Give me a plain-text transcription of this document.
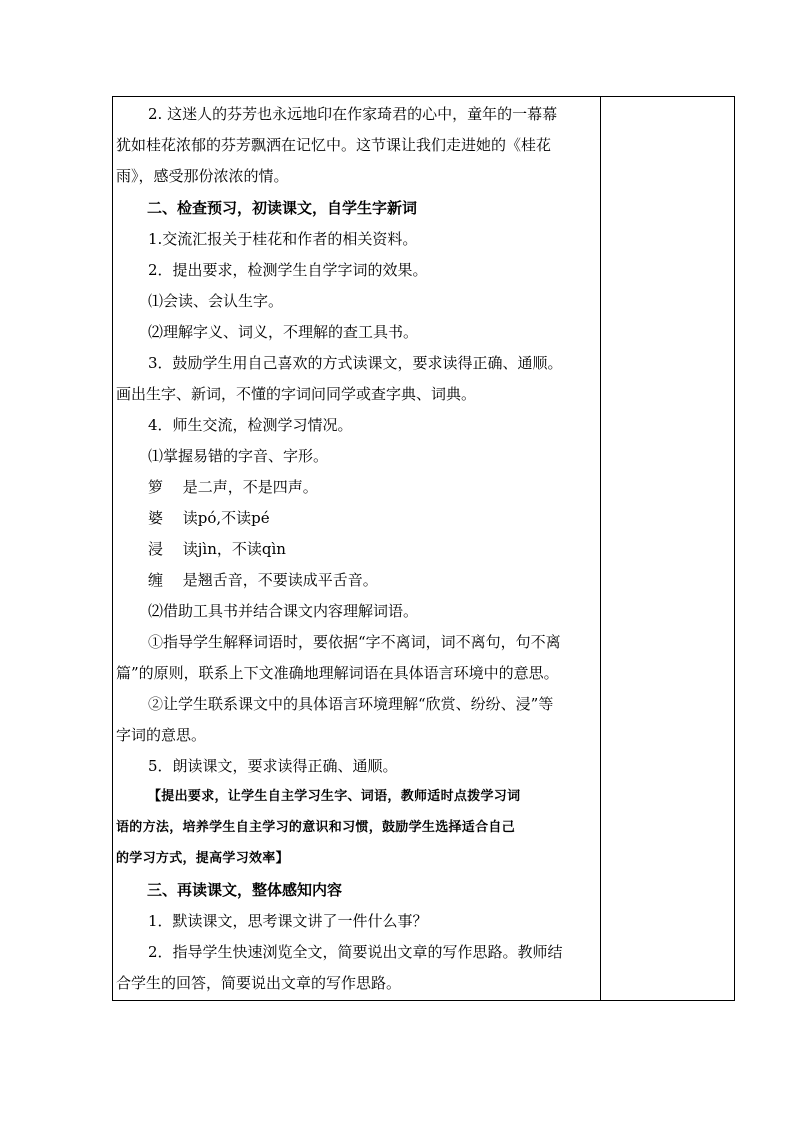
2. 这迷人的芬芳也永远地印在作家琦君的心中，童年的一幕幕
犹如桂花浓郁的芬芳飘洒在记忆中。这节课让我们走进她的《桂花
雨》，感受那份浓浓的情。
二、检查预习，初读课文，自学生字新词
1.交流汇报关于桂花和作者的相关资料。
2．提出要求，检测学生自学字词的效果。
⑴会读、会认生字。
⑵理解字义、词义，不理解的查工具书。
3．鼓励学生用自己喜欢的方式读课文，要求读得正确、通顺。
画出生字、新词，不懂的字词问同学或查字典、词典。
4．师生交流，检测学习情况。
⑴掌握易错的字音、字形。
箩　 是二声，不是四声。
婆　 读pó,不读pé
浸　 读jìn，不读qìn
缠　 是翘舌音，不要读成平舌音。
⑵借助工具书并结合课文内容理解词语。
①指导学生解释词语时，要依据“字不离词，词不离句，句不离
篇”的原则，联系上下文准确地理解词语在具体语言环境中的意思。
②让学生联系课文中的具体语言环境理解“欣赏、纷纷、浸”等
字词的意思。
5．朗读课文，要求读得正确、通顺。
【提出要求，让学生自主学习生字、词语，教师适时点拨学习词
语的方法，培养学生自主学习的意识和习惯，鼓励学生选择适合自己
的学习方式，提高学习效率】
三、再读课文，整体感知内容
1．默读课文，思考课文讲了一件什么事？
2．指导学生快速浏览全文，简要说出文章的写作思路。教师结
合学生的回答，简要说出文章的写作思路。
